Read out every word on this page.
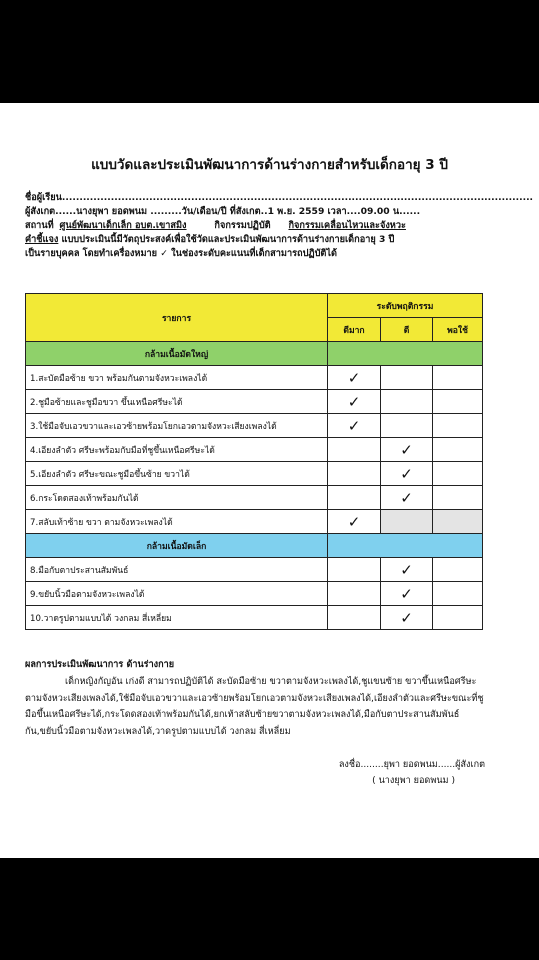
แบบวัดและประเมินพัฒนาการด้านร่างกายสำหรับเด็กอายุ 3 ปี
ชื่อผู้เรียน.......................................................................................................................................
ผู้สังเกต......นางยุพา ยอดพนม .........วัน/เดือน/ปี ที่สังเกต..1 พ.ย. 2559 เวลา....09.00 น......
สถานที่ ศูนย์พัฒนาเด็กเล็ก อบต.เขาสมิง	กิจกรรมปฏิบัติ กิจกรรมเคลื่อนไหวและจังหวะ
คำชี้แจง แบบประเมินนี้มีวัตถุประสงค์เพื่อใช้วัดและประเมินพัฒนาการด้านร่างกายเด็กอายุ 3 ปี
เป็นรายบุคคล โดยทำเครื่องหมาย ✓ ในช่องระดับคะแนนที่เด็กสามารถปฏิบัติได้
รายการ	ระดับพฤติกรรม		
	ดีมาก	ดี	พอใช้
กล้ามเนื้อมัดใหญ่			
1.สะบัดมือซ้าย ขวา พร้อมกันตามจังหวะเพลงได้	✓		
2.ชูมือซ้ายและชูมือขวา ขึ้นเหนือศรีษะได้	✓		
3.ใช้มือจับเอวขวาและเอวซ้ายพร้อมโยกเอวตามจังหวะเสียงเพลงได้	✓		
4.เอียงลำตัว ศรีษะพร้อมกับมือที่ชูขึ้นเหนือศรีษะได้		✓	
5.เอียงลำตัว ศรีษะขณะชูมือขึ้นซ้าย ขวาได้		✓	
6.กระโดดสองเท้าพร้อมกันได้		✓	
7.สลับเท้าซ้าย ขวา ตามจังหวะเพลงได้	✓		
กล้ามเนื้อมัดเล็ก			
8.มือกับตาประสานสัมพันธ์		✓	
9.ขยับนิ้วมือตามจังหวะเพลงได้		✓	
10.วาดรูปตามแบบได้ วงกลม สี่เหลี่ยม		✓	
ผลการประเมินพัฒนาการ ด้านร่างกาย

เด็กหญิงกัญอัน เก่งดี สามารถปฏิบัติได้ สะบัดมือซ้าย ขวาตามจังหวะเพลงได้,ชูแขนซ้าย ขวาขึ้นเหนือศรีษะตามจังหวะเสียงเพลงได้,ใช้มือจับเอวขวาและเอวซ้ายพร้อมโยกเอวตามจังหวะเสียงเพลงได้,เอียงลำตัวและศรีษะขณะที่ชูมือขึ้นเหนือศรีษะได้,กระโดดสองเท้าพร้อมกันได้,ยกเท้าสลับซ้ายขวาตามจังหวะเพลงได้,มือกับตาประสานสัมพันธ์กัน,ขยับนิ้วมือตามจังหวะเพลงได้,วาดรูปตามแบบได้ วงกลม สี่เหลี่ยม

ลงชื่อ........ยุพา ยอดพนม......ผู้สังเกต
( นางยุพา ยอดพนม )
